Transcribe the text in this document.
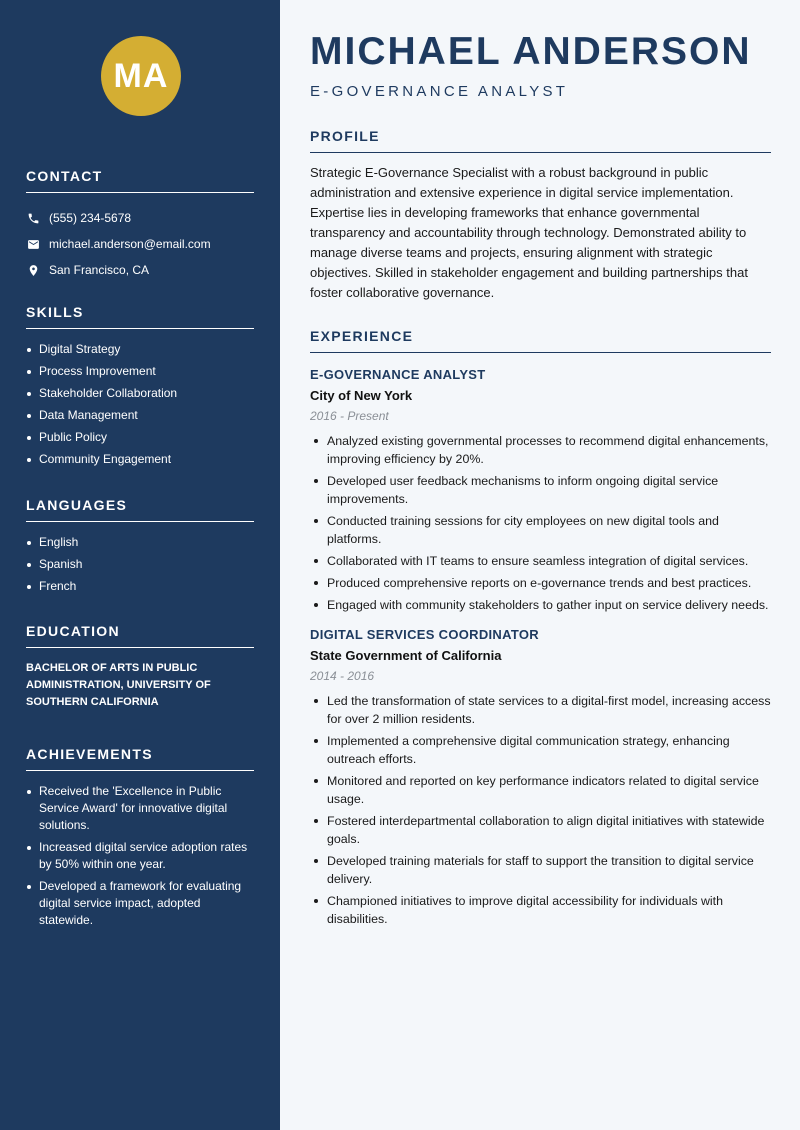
MA
CONTACT
(555) 234-5678
michael.anderson@email.com
San Francisco, CA
SKILLS
Digital Strategy
Process Improvement
Stakeholder Collaboration
Data Management
Public Policy
Community Engagement
LANGUAGES
English
Spanish
French
EDUCATION

BACHELOR OF ARTS IN PUBLIC ADMINISTRATION, UNIVERSITY OF SOUTHERN CALIFORNIA

ACHIEVEMENTS
Received the 'Excellence in Public Service Award' for innovative digital solutions.
Increased digital service adoption rates by 50% within one year.
Developed a framework for evaluating digital service impact, adopted statewide.
MICHAEL ANDERSON
E-GOVERNANCE ANALYST
PROFILE

Strategic E-Governance Specialist with a robust background in public administration and extensive experience in digital service implementation. Expertise lies in developing frameworks that enhance governmental transparency and accountability through technology. Demonstrated ability to manage diverse teams and projects, ensuring alignment with strategic objectives. Skilled in stakeholder engagement and building partnerships that foster collaborative governance.

EXPERIENCE
E-GOVERNANCE ANALYST
City of New York
2016 - Present
Analyzed existing governmental processes to recommend digital enhancements, improving efficiency by 20%.
Developed user feedback mechanisms to inform ongoing digital service improvements.
Conducted training sessions for city employees on new digital tools and platforms.
Collaborated with IT teams to ensure seamless integration of digital services.
Produced comprehensive reports on e-governance trends and best practices.
Engaged with community stakeholders to gather input on service delivery needs.
DIGITAL SERVICES COORDINATOR
State Government of California
2014 - 2016
Led the transformation of state services to a digital-first model, increasing access for over 2 million residents.
Implemented a comprehensive digital communication strategy, enhancing outreach efforts.
Monitored and reported on key performance indicators related to digital service usage.
Fostered interdepartmental collaboration to align digital initiatives with statewide goals.
Developed training materials for staff to support the transition to digital service delivery.
Championed initiatives to improve digital accessibility for individuals with disabilities.
